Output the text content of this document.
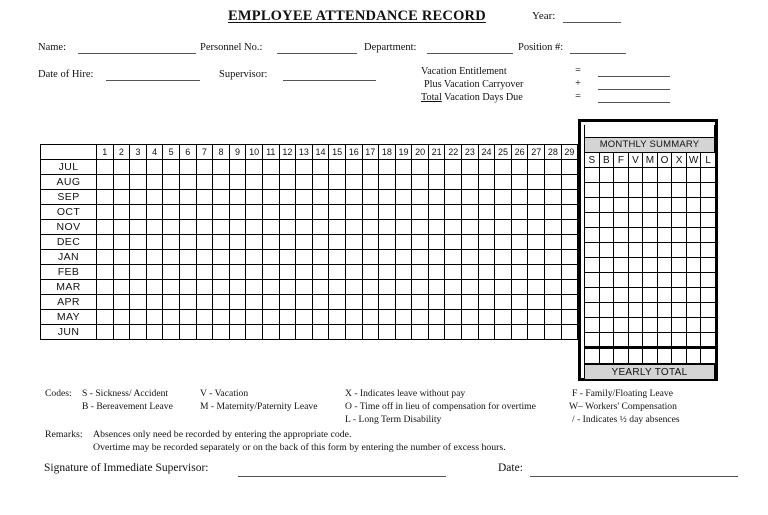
EMPLOYEE ATTENDANCE RECORD	Year:
Name:	Personnel No.:	Department:	Position #:
Date of Hire:	Supervisor:	Vacation Entitlement	=
Plus Vacation Carryover	+
Total Vacation Days Due	=
	1	2	3	4	5	6	7	8	9	10	11	12	13	14	15	16	17	18	19	20	21	22	23	24	25	26	27	28	29		
JUL																															
AUG																															
SEP																															
OCT																															
NOV																															
DEC																															
JAN																															
FEB																															
MAR																															
APR																															
MAY																															
JUN																															
MONTHLY SUMMARY
S	B	F	V	M	O	X	W	L

YEARLY TOTAL
Codes: S - Sickness/ Accident
B - Bereavement Leave
V - Vacation
M - Maternity/Paternity Leave
X - Indicates leave without pay
O - Time off in lieu of compensation for overtime
L - Long Term Disability
F - Family/Floating Leave
W– Workers' Compensation
/ - Indicates ½ day absences
Remarks: Absences only need be recorded by entering the appropriate code.
Overtime may be recorded separately or on the back of this form by entering the number of excess hours.
Signature of Immediate Supervisor:	Date:
